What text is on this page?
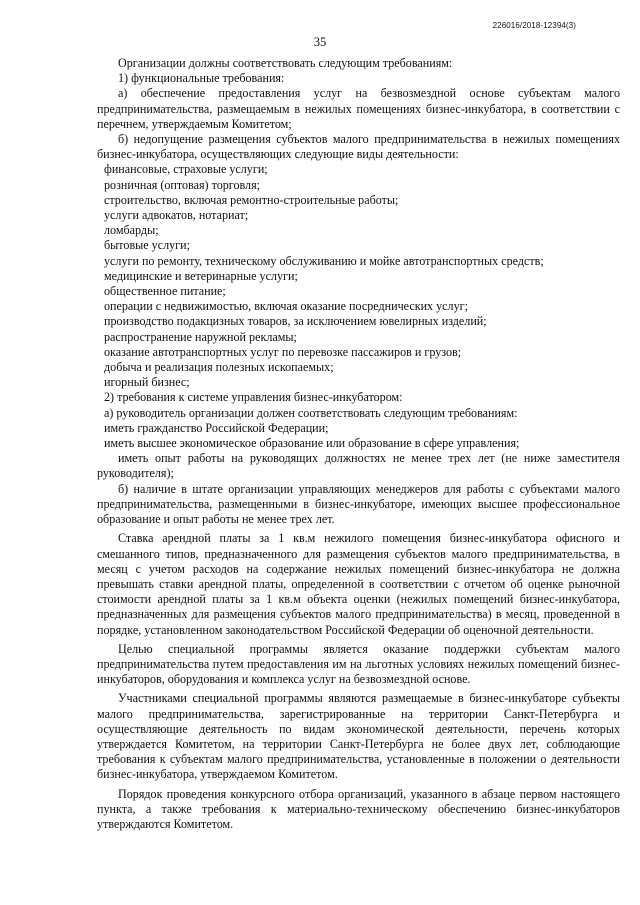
226016/2018-12394(3)
35

Организации должны соответствовать следующим требованиям:

1) функциональные требования:

а) обеспечение предоставления услуг на безвозмездной основе субъектам малого предпринимательства, размещаемым в нежилых помещениях бизнес-инкубатора, в соответствии с перечнем, утверждаемым Комитетом;

б) недопущение размещения субъектов малого предпринимательства в нежилых помещениях бизнес-инкубатора, осуществляющих следующие виды деятельности:

финансовые, страховые услуги;

розничная (оптовая) торговля;

строительство, включая ремонтно-строительные работы;

услуги адвокатов, нотариат;

ломбарды;

бытовые услуги;

услуги по ремонту, техническому обслуживанию и мойке автотранспортных средств;

медицинские и ветеринарные услуги;

общественное питание;

операции с недвижимостью, включая оказание посреднических услуг;

производство подакцизных товаров, за исключением ювелирных изделий;

распространение наружной рекламы;

оказание автотранспортных услуг по перевозке пассажиров и грузов;

добыча и реализация полезных ископаемых;

игорный бизнес;

2) требования к системе управления бизнес-инкубатором:

а) руководитель организации должен соответствовать следующим требованиям:

иметь гражданство Российской Федерации;

иметь высшее экономическое образование или образование в сфере управления;

иметь опыт работы на руководящих должностях не менее трех лет (не ниже заместителя руководителя);

б) наличие в штате организации управляющих менеджеров для работы с субъектами малого предпринимательства, размещенными в бизнес-инкубаторе, имеющих высшее профессиональное образование и опыт работы не менее трех лет.

Ставка арендной платы за 1 кв.м нежилого помещения бизнес-инкубатора офисного и смешанного типов, предназначенного для размещения субъектов малого предпринимательства, в месяц с учетом расходов на содержание нежилых помещений бизнес-инкубатора не должна превышать ставки арендной платы, определенной в соответствии с отчетом об оценке рыночной стоимости арендной платы за 1 кв.м объекта оценки (нежилых помещений бизнес-инкубатора, предназначенных для размещения субъектов малого предпринимательства) в месяц, проведенной в порядке, установленном законодательством Российской Федерации об оценочной деятельности.

Целью специальной программы является оказание поддержки субъектам малого предпринимательства путем предоставления им на льготных условиях нежилых помещений бизнес-инкубаторов, оборудования и комплекса услуг на безвозмездной основе.

Участниками специальной программы являются размещаемые в бизнес-инкубаторе субъекты малого предпринимательства, зарегистрированные на территории Санкт-Петербурга и осуществляющие деятельность по видам экономической деятельности, перечень которых утверждается Комитетом, на территории Санкт-Петербурга не более двух лет, соблюдающие требования к субъектам малого предпринимательства, установленные в положении о деятельности бизнес-инкубатора, утверждаемом Комитетом.

Порядок проведения конкурсного отбора организаций, указанного в абзаце первом настоящего пункта, а также требования к материально-техническому обеспечению бизнес-инкубаторов утверждаются Комитетом.
